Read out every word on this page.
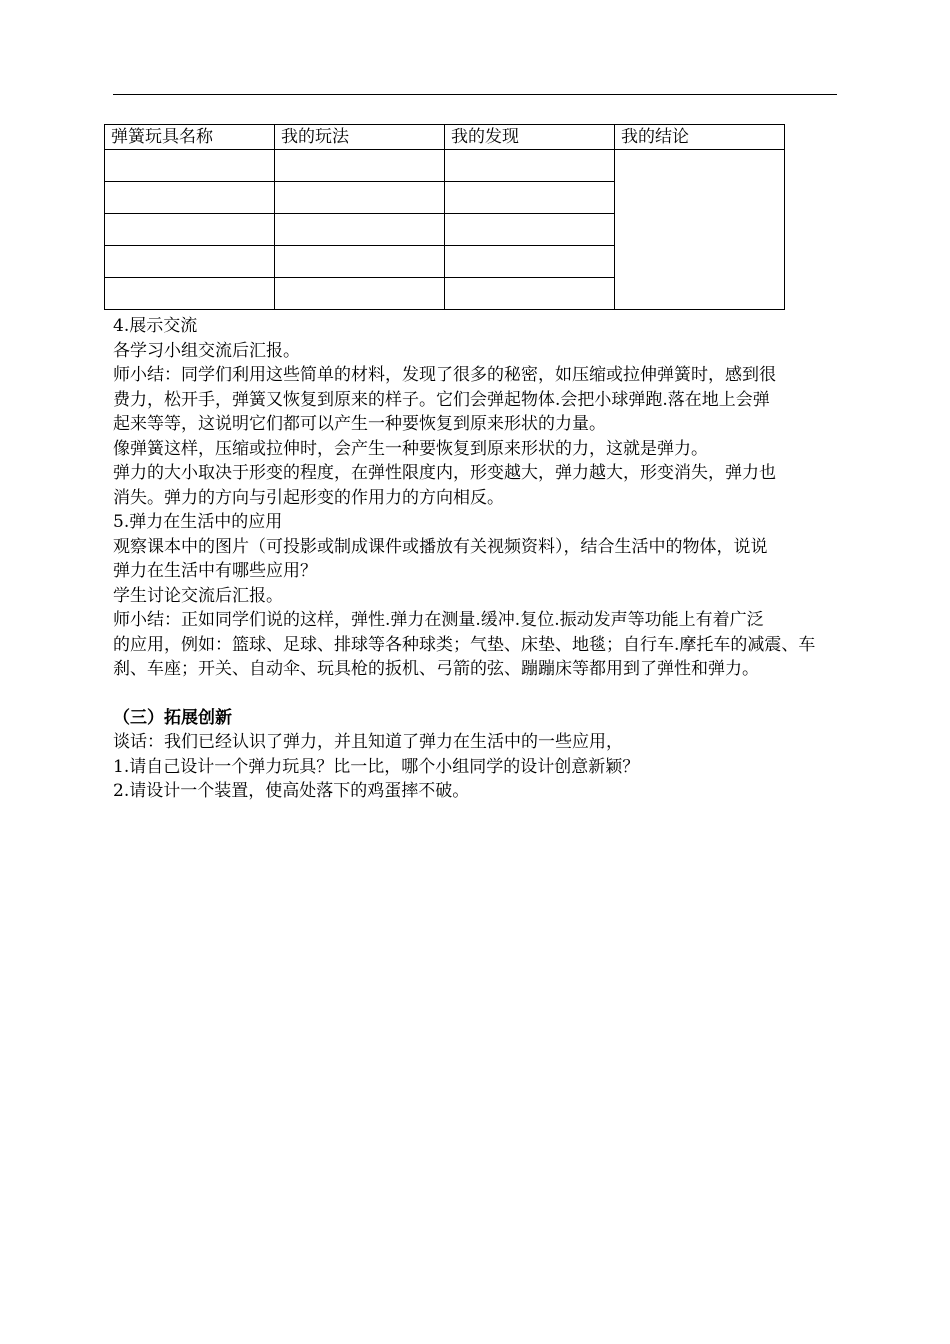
弹簧玩具名称	我的玩法	我的发现	我的结论

4.展示交流

各学习小组交流后汇报。

师小结：同学们利用这些简单的材料，发现了很多的秘密，如压缩或拉伸弹簧时，感到很

费力，松开手，弹簧又恢复到原来的样子。它们会弹起物体.会把小球弹跑.落在地上会弹

起来等等，这说明它们都可以产生一种要恢复到原来形状的力量。

像弹簧这样，压缩或拉伸时，会产生一种要恢复到原来形状的力，这就是弹力。

弹力的大小取决于形变的程度，在弹性限度内，形变越大，弹力越大，形变消失，弹力也

消失。弹力的方向与引起形变的作用力的方向相反。

5.弹力在生活中的应用

观察课本中的图片（可投影或制成课件或播放有关视频资料），结合生活中的物体，说说

弹力在生活中有哪些应用？

学生讨论交流后汇报。

师小结：正如同学们说的这样，弹性.弹力在测量.缓冲.复位.振动发声等功能上有着广泛

的应用，例如：篮球、足球、排球等各种球类；气垫、床垫、地毯；自行车.摩托车的减震、车

刹、车座；开关、自动伞、玩具枪的扳机、弓箭的弦、蹦蹦床等都用到了弹性和弹力。

（三）拓展创新

谈话：我们已经认识了弹力，并且知道了弹力在生活中的一些应用，

1.请自己设计一个弹力玩具？比一比，哪个小组同学的设计创意新颖？

2.请设计一个装置，使高处落下的鸡蛋摔不破。
